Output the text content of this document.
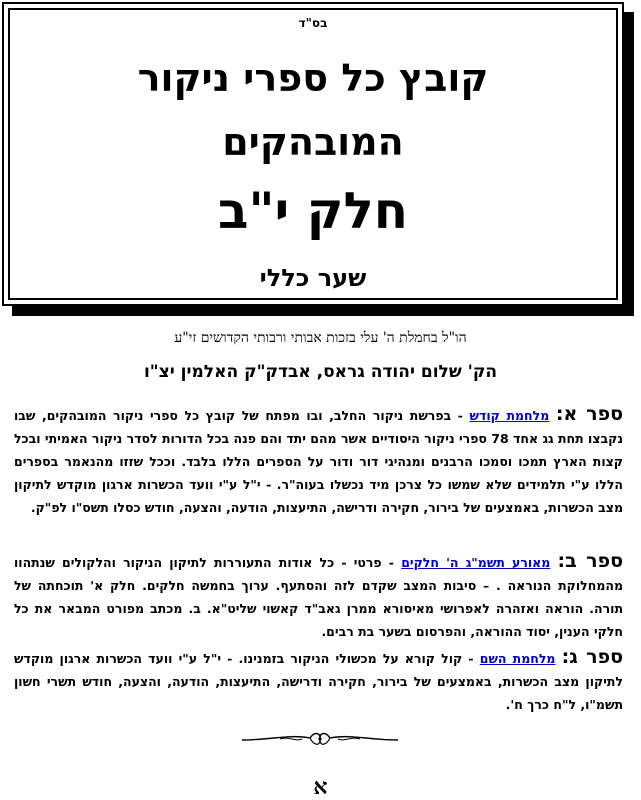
בס"ד
קובץ כל ספרי ניקור
המובהקים
חלק י"ב
שער כללי
הו"ל בחמלת ה' עלי בזכות אבותי ורבותי הקדושים זי"ע
הק' שלום יהודה גראס, אבדק"ק האלמין יצ"ו
ספר א: מלחמת קודש - בפרשת ניקור החלב, ובו מפתח של קובץ כל ספרי ניקור המובהקים, שבו נקבצו תחת גג אחד 78 ספרי ניקור היסודיים אשר מהם יתד והם פנה בכל הדורות לסדר ניקור האמיתי ובכל קצות הארץ תמכו וסמכו הרבנים ומנהיגי דור ודור על הספרים הללו בלבד. וככל שזזו מהנאמר בספרים הללו ע"י תלמידים שלא שמשו כל צרכן מיד נכשלו בעוה"ר. - י"ל ע"י וועד הכשרות ארגון מוקדש לתיקון מצב הכשרות, באמצעים של בירור, חקירה ודרישה, התיעצות, הודעה, והצעה, חודש כסלו תשס"ו לפ"ק.
ספר ב: מאורע תשמ"ג ה' חלקים - פרטי - כל אודות התעוררות לתיקון הניקור והלקולים שנתהוו מהמחלוקת הנוראה . – סיבות המצב שקדם לזה והסתעף. ערוך בחמשה חלקים. חלק א' תוכחתה של תורה. הוראה ואזהרה לאפרושי מאיסורא ממרן גאב"ד קאשוי שליט"א. ב. מכתב מפורט המבאר את כל חלקי הענין, יסוד ההוראה, והפרסום בשער בת רבים.
ספר ג: מלחמת השם - קול קורא על מכשולי הניקור בזמנינו. - י"ל ע"י וועד הכשרות ארגון מוקדש לתיקון מצב הכשרות, באמצעים של בירור, חקירה ודרישה, התיעצות, הודעה, והצעה, חודש תשרי חשון תשמ"ו, ל"ח כרך ח'.
א
